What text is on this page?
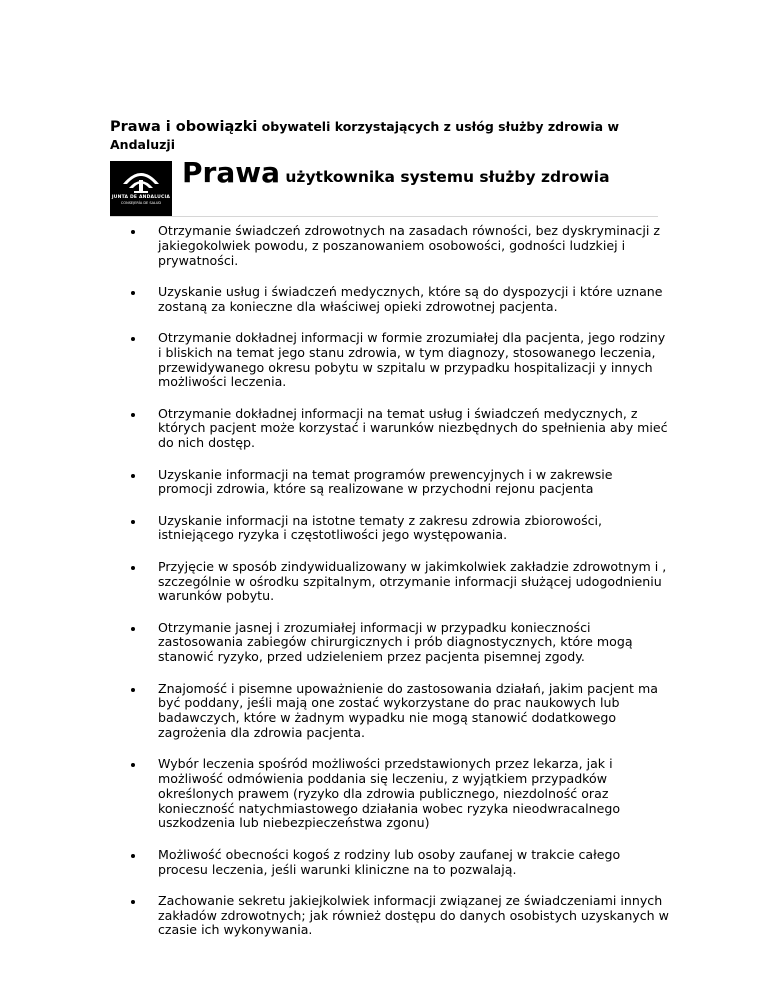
Prawa i obowiązki obywateli korzystających z usłóg służby zdrowia w Andaluzji

JUNTA DE ANDALUCIA
CONSEJERÍA DE SALUD
Prawa użytkownika systemu służby zdrowia
Otrzymanie świadczeń zdrowotnych na zasadach równości, bez dyskryminacji z jakiegokolwiek powodu, z poszanowaniem osobowości, godności ludzkiej i prywatności.
Uzyskanie usług i świadczeń medycznych, które są do dyspozycji i które uznane zostaną za konieczne dla właściwej opieki zdrowotnej pacjenta.
Otrzymanie dokładnej informacji w formie zrozumiałej dla pacjenta, jego rodziny i bliskich na temat jego stanu zdrowia, w tym diagnozy, stosowanego leczenia, przewidywanego okresu pobytu w szpitalu w przypadku hospitalizacji y innych możliwości leczenia.
Otrzymanie dokładnej informacji na temat usług i świadczeń medycznych, z których pacjent może korzystać i warunków niezbędnych do spełnienia aby mieć do nich dostęp.
Uzyskanie informacji na temat programów prewencyjnych i w zakrewsie promocji zdrowia, które są realizowane w przychodni rejonu pacjenta
Uzyskanie informacji na istotne tematy z zakresu zdrowia zbiorowości, istniejącego ryzyka i częstotliwości jego występowania.
Przyjęcie w sposób zindywidualizowany w jakimkolwiek zakładzie zdrowotnym i , szczególnie w ośrodku szpitalnym, otrzymanie informacji służącej udogodnieniu warunków pobytu.
Otrzymanie jasnej i zrozumiałej informacji w przypadku konieczności zastosowania zabiegów chirurgicznych i prób diagnostycznych, które mogą stanowić ryzyko, przed udzieleniem przez pacjenta pisemnej zgody.
Znajomość i pisemne upoważnienie do zastosowania działań, jakim pacjent ma być poddany, jeśli mają one zostać wykorzystane do prac naukowych lub badawczych, które w żadnym wypadku nie mogą stanowić dodatkowego zagrożenia dla zdrowia pacjenta.
Wybór leczenia spośród możliwości przedstawionych przez lekarza, jak i możliwość odmówienia poddania się leczeniu, z wyjątkiem przypadków określonych prawem (ryzyko dla zdrowia publicznego, niezdolność oraz konieczność natychmiastowego działania wobec ryzyka nieodwracalnego uszkodzenia lub niebezpieczeństwa zgonu)
Możliwość obecności kogoś z rodziny lub osoby zaufanej w trakcie całego procesu leczenia, jeśli warunki kliniczne na to pozwalają.
Zachowanie sekretu jakiejkolwiek informacji związanej ze świadczeniami innych zakładów zdrowotnych; jak również dostępu do danych osobistych uzyskanych w czasie ich wykonywania.
